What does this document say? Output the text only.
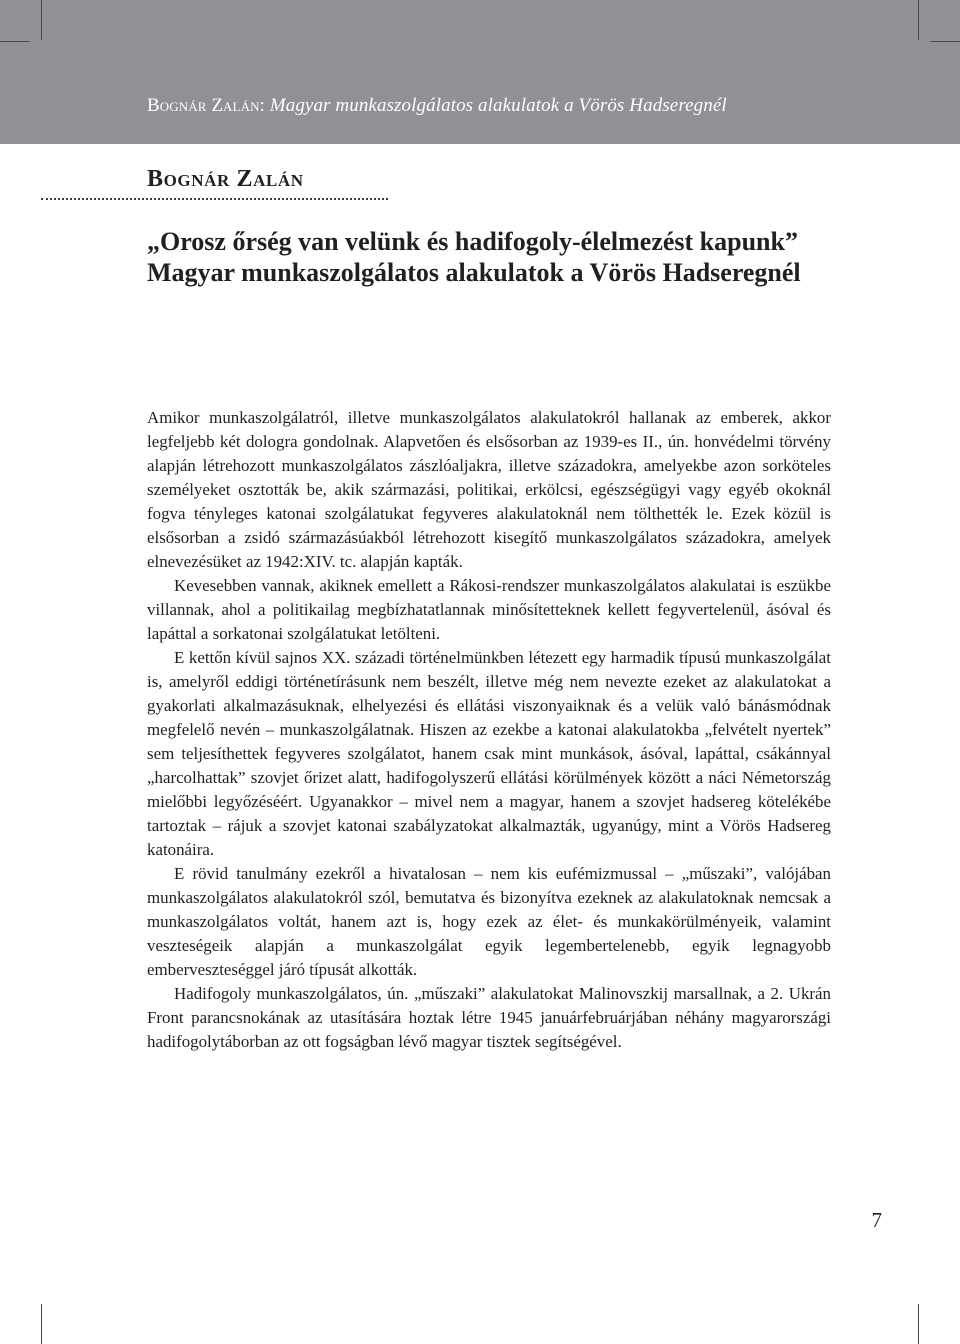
Bognár Zalán: Magyar munkaszolgálatos alakulatok a Vörös Hadseregnél
Bognár Zalán
„Orosz őrség van velünk és hadifogoly-élelmezést kapunk”
Magyar munkaszolgálatos alakulatok a Vörös Hadseregnél

Amikor munkaszolgálatról, illetve munkaszolgálatos alakulatokról hallanak az emberek, akkor legfeljebb két dologra gondolnak. Alapvetően és elsősorban az 1939-es II., ún. honvédelmi törvény alapján létrehozott munkaszolgálatos zászlóaljakra, illetve századokra, amelyekbe azon sorköteles személyeket osztották be, akik származási, politikai, erkölcsi, egészségügyi vagy egyéb okoknál fogva tényleges katonai szolgálatukat fegyveres alakulatoknál nem tölthették le. Ezek közül is elsősorban a zsidó származásúakból létrehozott kisegítő munkaszolgálatos századokra, amelyek elnevezésüket az 1942:XIV. tc. alapján kapták.

Kevesebben vannak, akiknek emellett a Rákosi-rendszer munkaszolgálatos alakulatai is eszükbe villannak, ahol a politikailag megbízhatatlannak minősítetteknek kellett fegyvertelenül, ásóval és lapáttal a sorkatonai szolgálatukat letölteni.

E kettőn kívül sajnos XX. századi történelmünkben létezett egy harmadik típusú munkaszolgálat is, amelyről eddigi történetírásunk nem beszélt, illetve még nem nevezte ezeket az alakulatokat a gyakorlati alkalmazásuknak, elhelyezési és ellátási viszonyaiknak és a velük való bánásmódnak megfelelő nevén – munkaszolgálatnak. Hiszen az ezekbe a katonai alakulatokba „felvételt nyertek” sem teljesíthettek fegyveres szolgálatot, hanem csak mint munkások, ásóval, lapáttal, csákánnyal „harcolhattak” szovjet őrizet alatt, hadifogolyszerű ellátási körülmények között a náci Németország mielőbbi legyőzéséért. Ugyanakkor – mivel nem a magyar, hanem a szovjet hadsereg kötelékébe tartoztak – rájuk a szovjet katonai szabályzatokat alkalmazták, ugyanúgy, mint a Vörös Hadsereg katonáira.

E rövid tanulmány ezekről a hivatalosan – nem kis eufémizmussal – „műszaki”, valójában munkaszolgálatos alakulatokról szól, bemutatva és bizonyítva ezeknek az alakulatoknak nemcsak a munkaszolgálatos voltát, hanem azt is, hogy ezek az élet- és munkakörülményeik, valamint veszteségeik alapján a munkaszolgálat egyik legembertelenebb, egyik legnagyobb emberveszteséggel járó típusát alkották.

Hadifogoly munkaszolgálatos, ún. „műszaki” alakulatokat Malinovszkij marsallnak, a 2. Ukrán Front parancsnokának az utasítására hoztak létre 1945 januárfebruárjában néhány magyarországi hadifogolytáborban az ott fogságban lévő magyar tisztek segítségével.

7
